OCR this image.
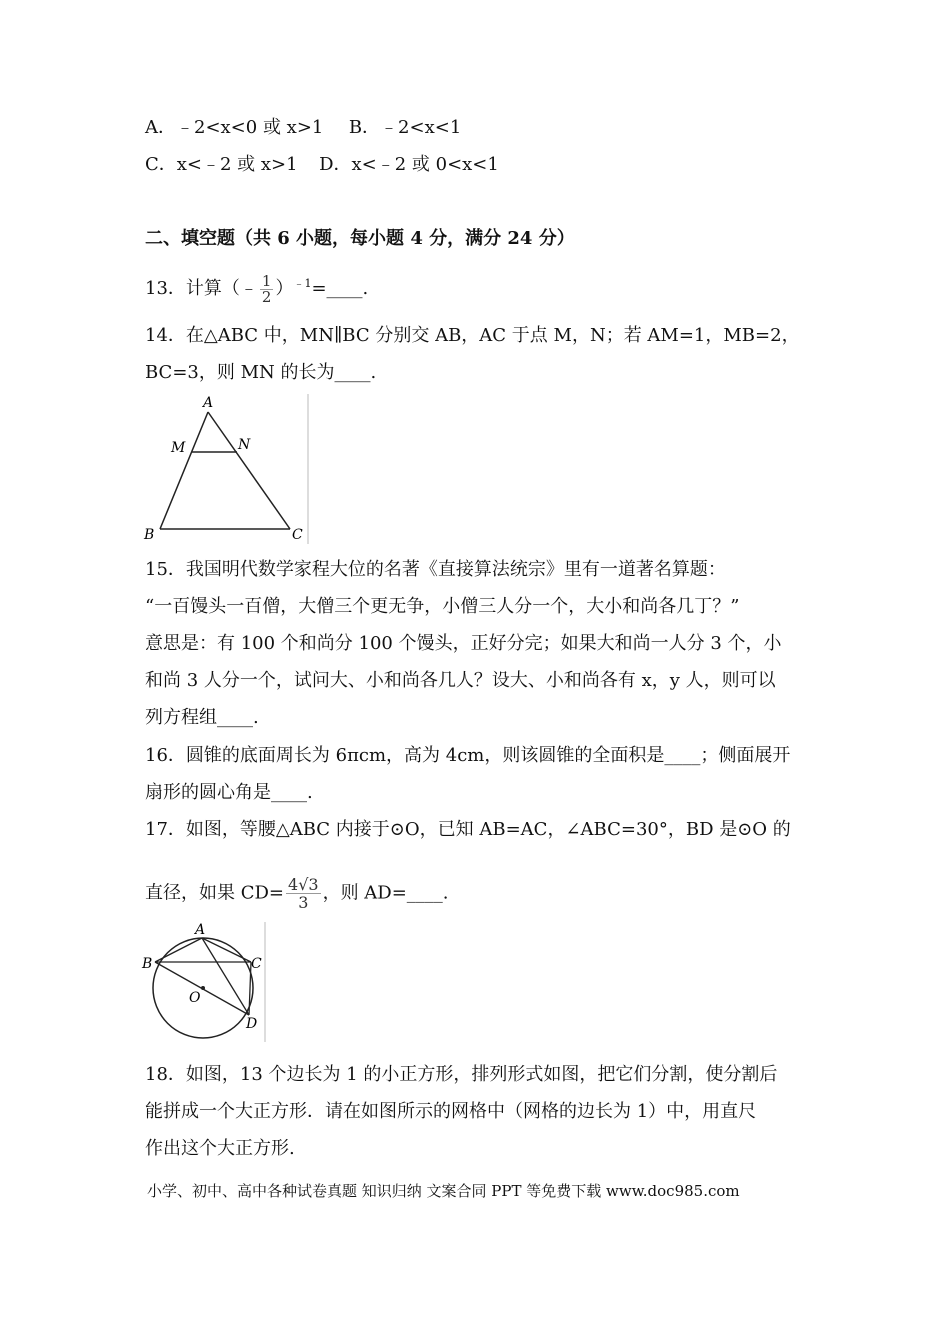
A．﹣2<x<0 或 x>1 B．﹣2<x<1
C．x<﹣2 或 x>1 D．x<﹣2 或 0<x<1
二、填空题（共 6 小题，每小题 4 分，满分 24 分）
13．计算（﹣ $\frac{1}{2}$ ）$^{﹣1}$=____.
14．在△ABC 中，MN∥BC 分别交 AB，AC 于点 M，N；若 AM=1，MB=2，
BC=3，则 MN 的长为____.
A
M	N
B	C
15．我国明代数学家程大位的名著《直接算法统宗》里有一道著名算题：
“一百馒头一百僧，大僧三个更无争，小僧三人分一个，大小和尚各几丁？”
意思是：有 100 个和尚分 100 个馒头，正好分完；如果大和尚一人分 3 个，小
和尚 3 人分一个，试问大、小和尚各几人？设大、小和尚各有 x，y 人，则可以
列方程组____.
16．圆锥的底面周长为 6πcm，高为 4cm，则该圆锥的全面积是____；侧面展开
扇形的圆心角是____.
17．如图，等腰△ABC 内接于⊙O，已知 AB=AC，∠ABC=30°，BD 是⊙O 的
直径，如果 $CD= \frac{4√3}{3}$ ，则 AD=____.
A
B	C
O
D
18．如图，13 个边长为 1 的小正方形，排列形式如图，把它们分割，使分割后
能拼成一个大正方形．请在如图所示的网格中（网格的边长为 1）中，用直尺
作出这个大正方形.
小学、初中、高中各种试卷真题 知识归纳 文案合同 PPT 等免费下载 www.doc985.com
